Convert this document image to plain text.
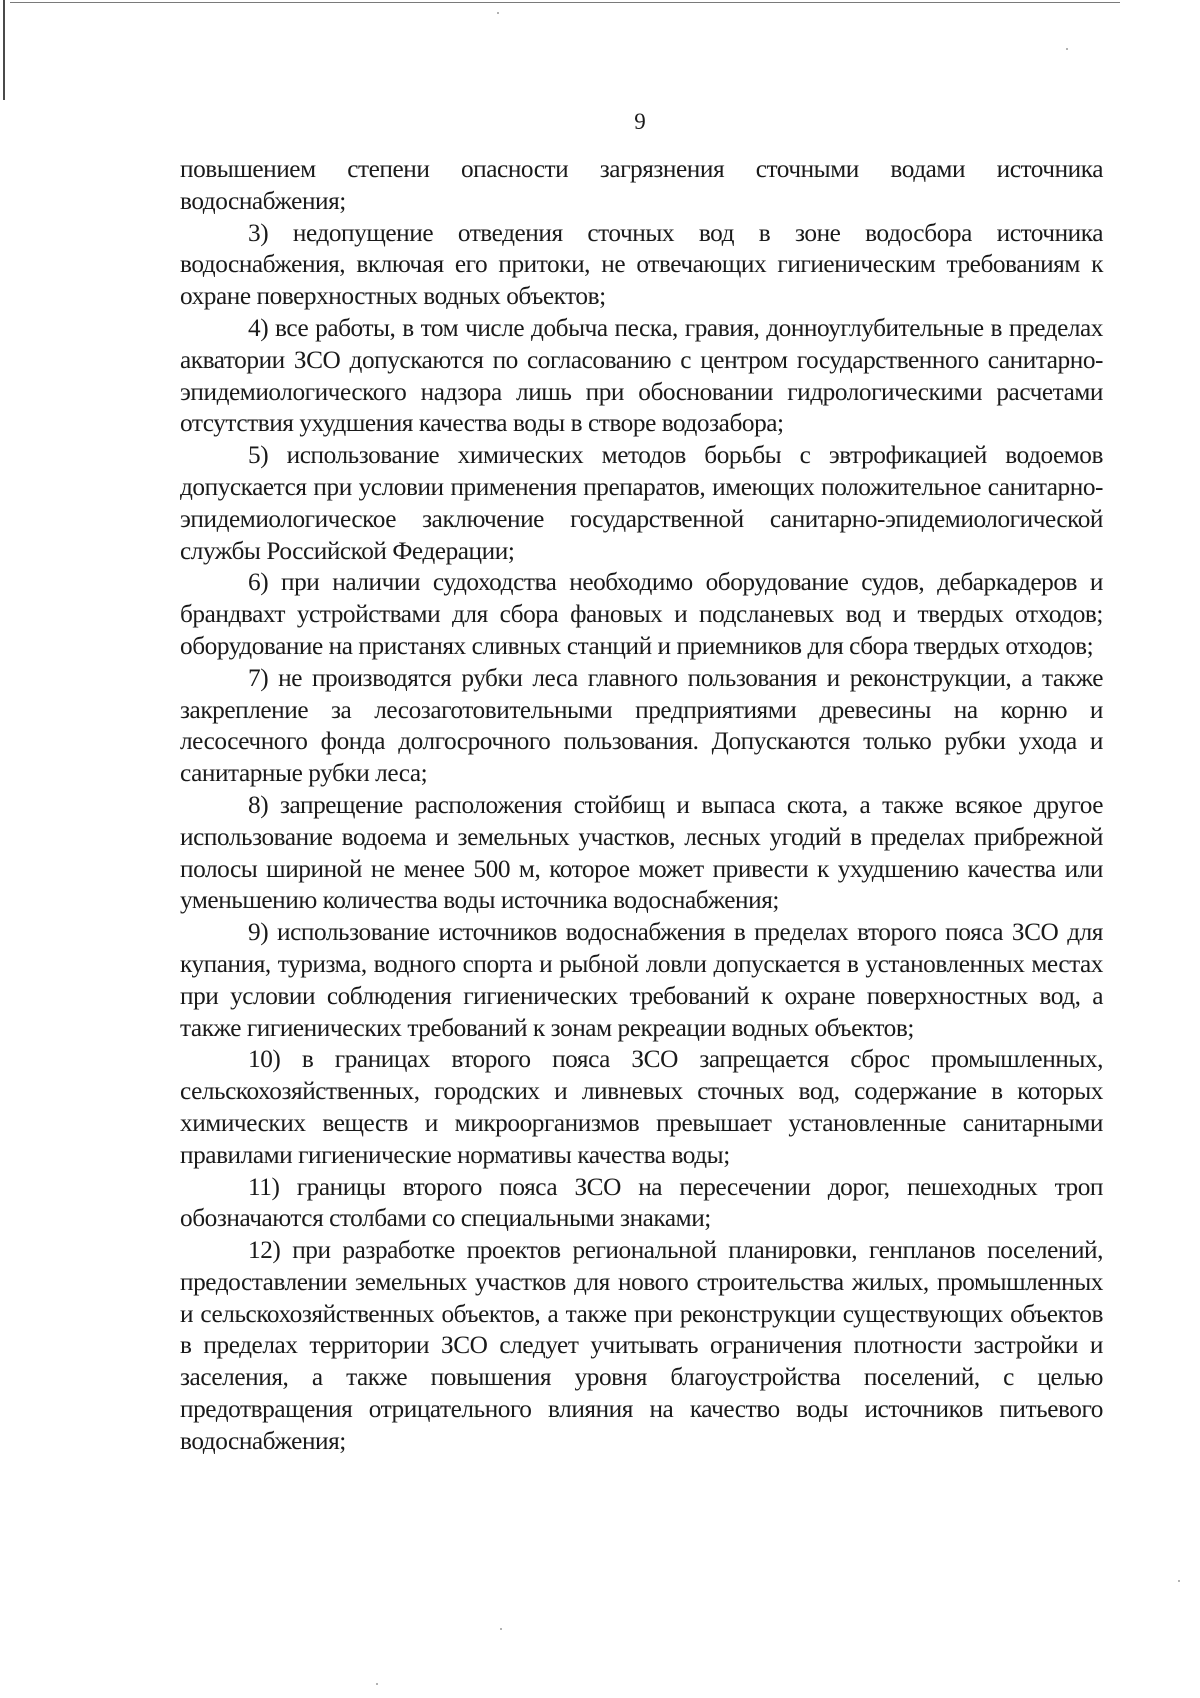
9

повышением степени опасности загрязнения сточными водами источника водоснабжения;

3) недопущение отведения сточных вод в зоне водосбора источника водоснабжения, включая его притоки, не отвечающих гигиеническим требованиям к охране поверхностных водных объектов;

4) все работы, в том числе добыча песка, гравия, донноуглубительные в пределах акватории ЗСО допускаются по согласованию с центром государственного санитарно-эпидемиологического надзора лишь при обосновании гидрологическими расчетами отсутствия ухудшения качества воды в створе водозабора;

5) использование химических методов борьбы с эвтрофикацией водоемов допускается при условии применения препаратов, имеющих положительное санитарно-эпидемиологическое заключение государственной санитарно-эпидемиологической службы Российской Федерации;

6) при наличии судоходства необходимо оборудование судов, дебаркадеров и брандвахт устройствами для сбора фановых и подсланевых вод и твердых отходов; оборудование на пристанях сливных станций и приемников для сбора твердых отходов;

7) не производятся рубки леса главного пользования и реконструкции, а также закрепление за лесозаготовительными предприятиями древесины на корню и лесосечного фонда долгосрочного пользования. Допускаются только рубки ухода и санитарные рубки леса;

8) запрещение расположения стойбищ и выпаса скота, а также всякое другое использование водоема и земельных участков, лесных угодий в пределах прибрежной полосы шириной не менее 500 м, которое может привести к ухудшению качества или уменьшению количества воды источника водоснабжения;

9) использование источников водоснабжения в пределах второго пояса ЗСО для купания, туризма, водного спорта и рыбной ловли допускается в установленных местах при условии соблюдения гигиенических требований к охране поверхностных вод, а также гигиенических требований к зонам рекреации водных объектов;

10) в границах второго пояса ЗСО запрещается сброс промышленных, сельскохозяйственных, городских и ливневых сточных вод, содержание в которых химических веществ и микроорганизмов превышает установленные санитарными правилами гигиенические нормативы качества воды;

11) границы второго пояса ЗСО на пересечении дорог, пешеходных троп обозначаются столбами со специальными знаками;

12) при разработке проектов региональной планировки, генпланов поселений, предоставлении земельных участков для нового строительства жилых, промышленных и сельскохозяйственных объектов, а также при реконструкции существующих объектов в пределах территории ЗСО следует учитывать ограничения плотности застройки и заселения, а также повышения уровня благоустройства поселений, с целью предотвращения отрицательного влияния на качество воды источников питьевого водоснабжения;
